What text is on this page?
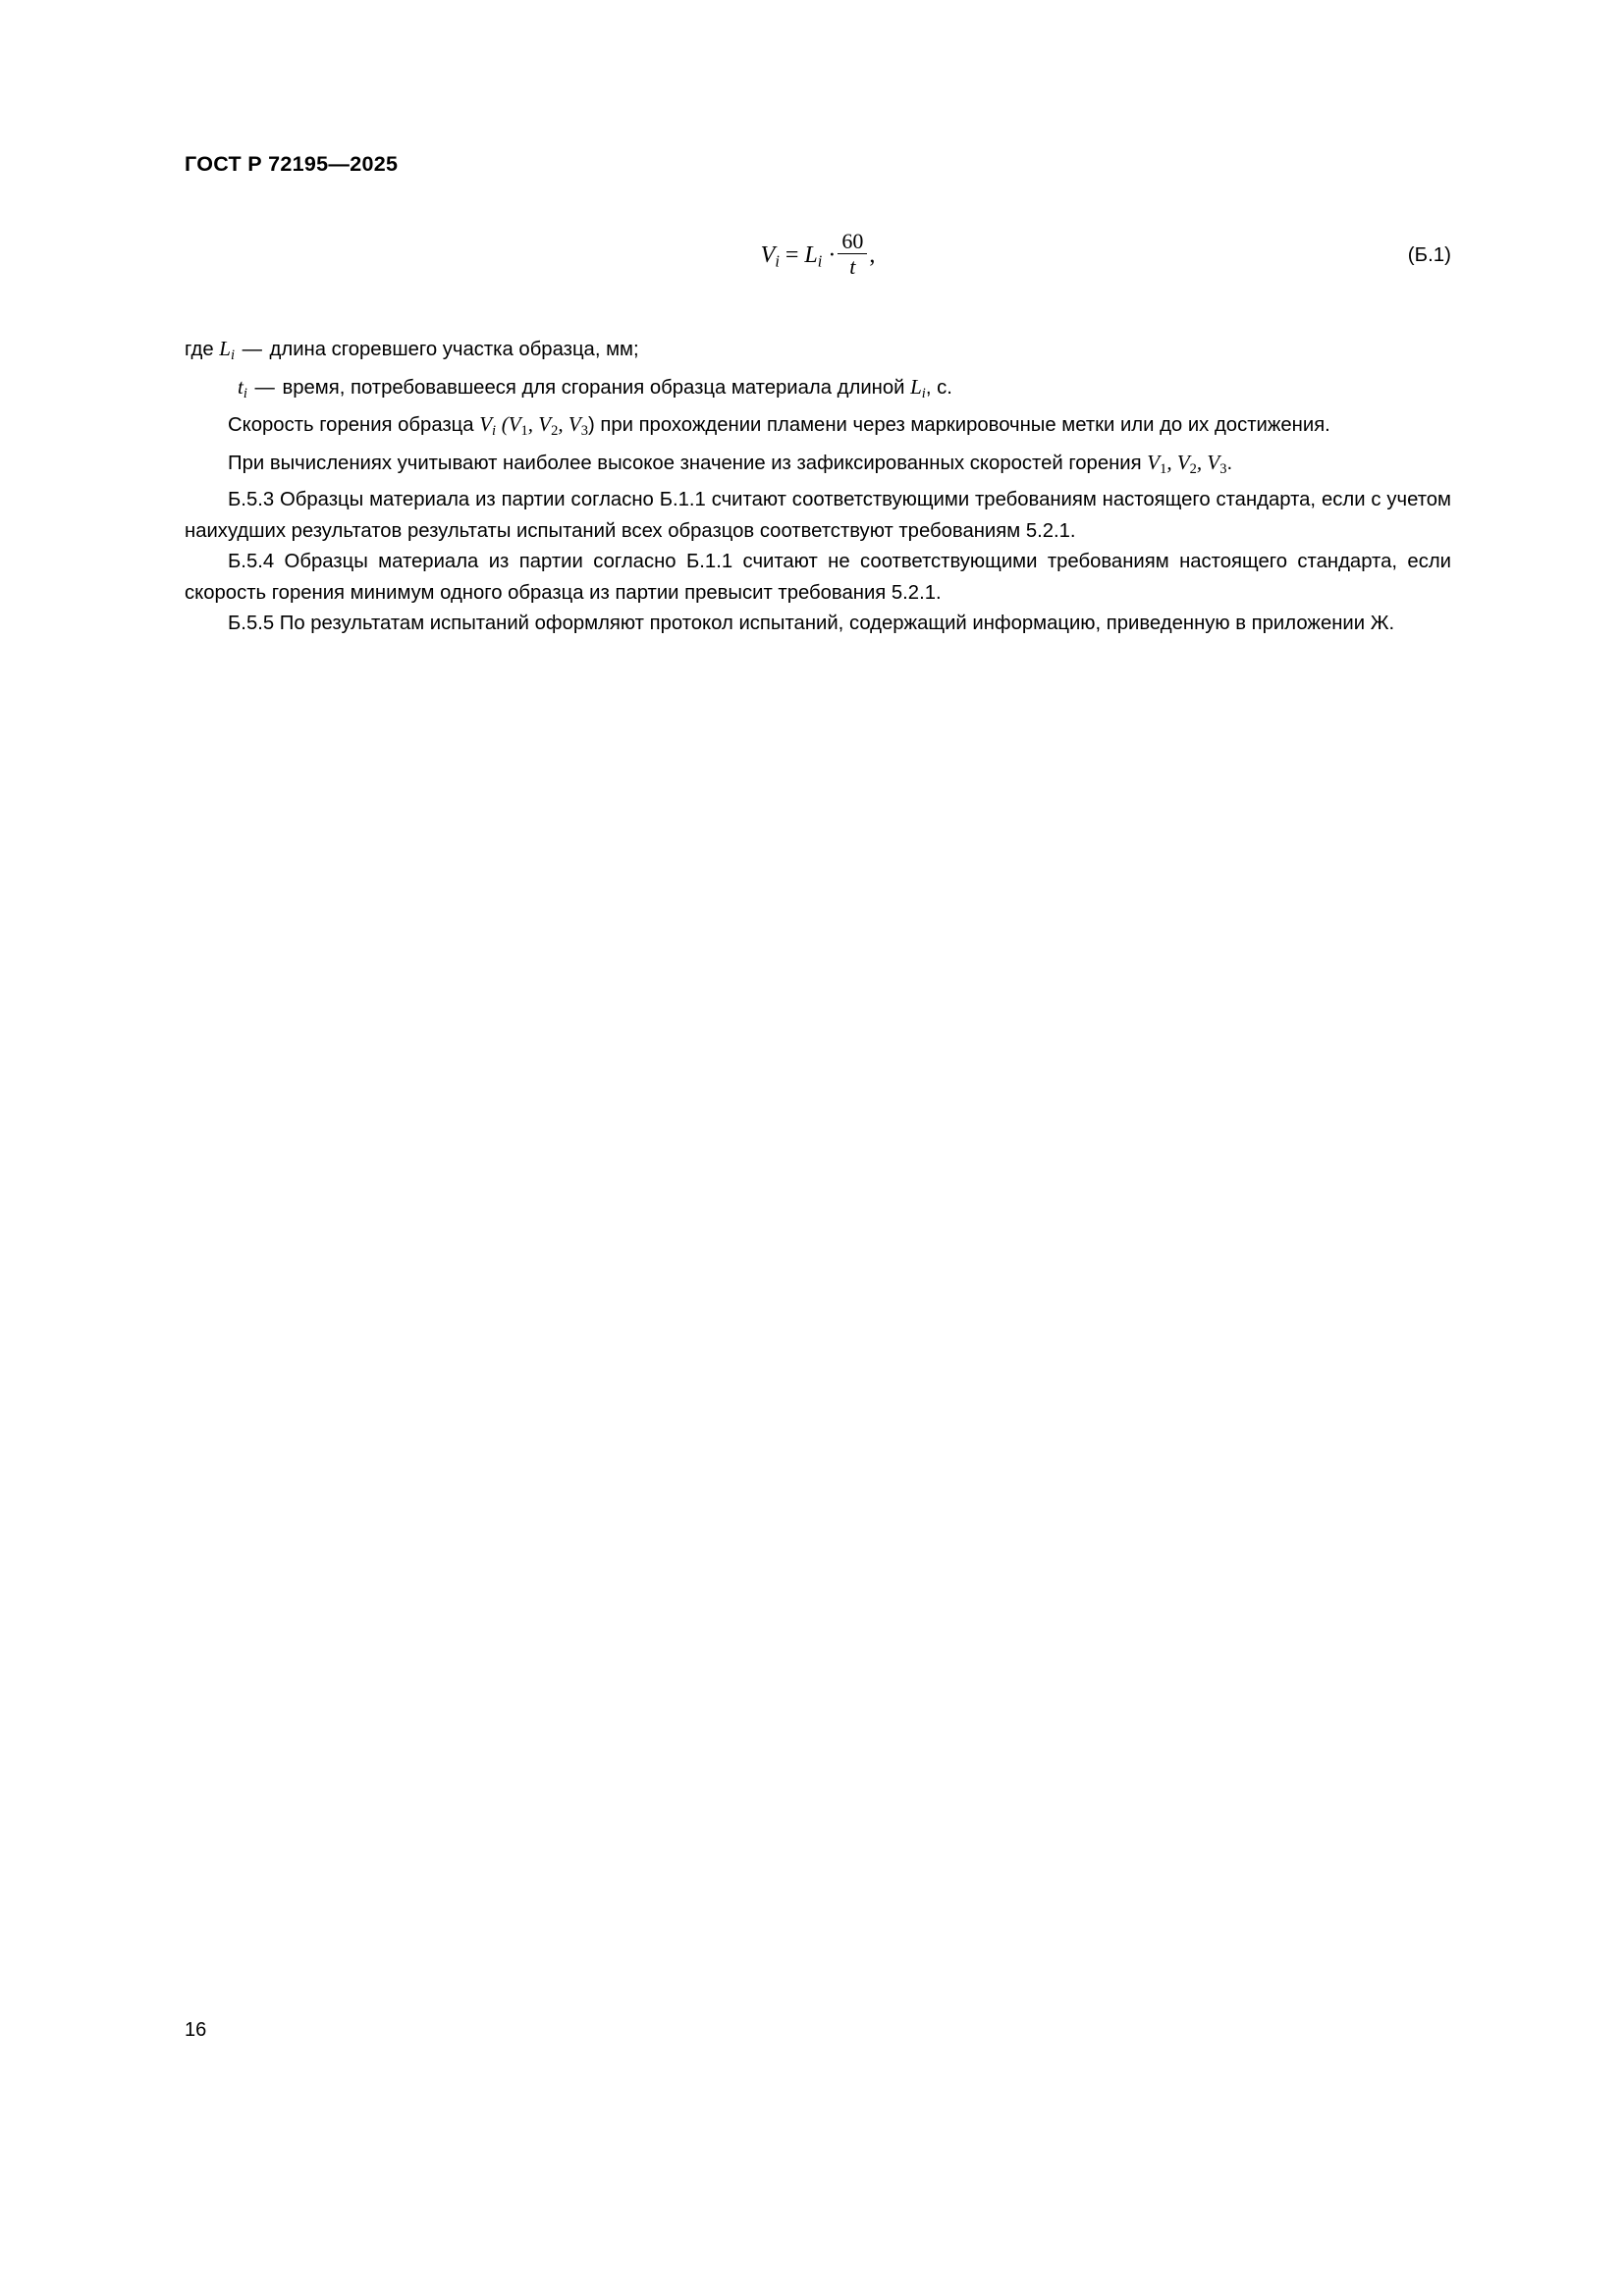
ГОСТ Р 72195—2025
$V_i = L_i \cdot \frac{60}{t}$ ,	(Б.1)

где Li — длина сгоревшего участка образца, мм;

ti — время, потребовавшееся для сгорания образца материала длиной Li, с.

Скорость горения образца Vi (V1, V2, V3) при прохождении пламени через маркировочные метки или до их достижения.

При вычислениях учитывают наиболее высокое значение из зафиксированных скоростей горения V1, V2, V3.

Б.5.3 Образцы материала из партии согласно Б.1.1 считают соответствующими требованиям настоящего стандарта, если с учетом наихудших результатов результаты испытаний всех образцов соответствуют требованиям 5.2.1.

Б.5.4 Образцы материала из партии согласно Б.1.1 считают не соответствующими требованиям настоящего стандарта, если скорость горения минимум одного образца из партии превысит требования 5.2.1.

Б.5.5 По результатам испытаний оформляют протокол испытаний, содержащий информацию, приведенную в приложении Ж.

16
